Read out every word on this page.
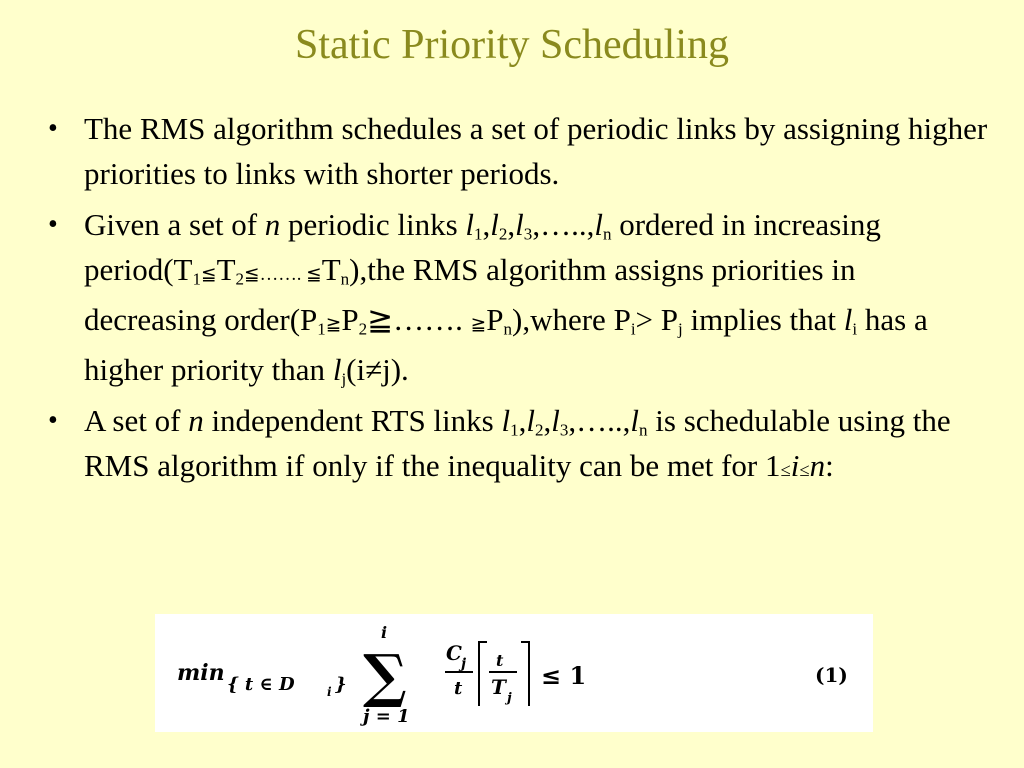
Static Priority Scheduling
• The RMS algorithm schedules a set of periodic links by assigning higher priorities to links with shorter periods.
• Given a set of n periodic links $l_1,l_2,l_3,\dots..,l_n$ ordered in increasing $period(T_1≦T_2≦\dots\dots$. $≦T_n),the$ RMS algorithm assigns priorities in decreasing $order(P_1≧P_2≧\dots\dots$. $≧P_n),where$ $P_i> P_j$ implies that $l_i$ has a higher priority than $l_j(i\ne j)$.
• A set of n independent RTS links $l_1,l_2,l_3,\dots..,l_n$ is schedulable using the RMS algorithm if only if the inequality can be met for 1≤i≤n:
min { t ∈ D	i }
i
∑
j = 1
C j
t
t
T j
≤ 1	(1)
